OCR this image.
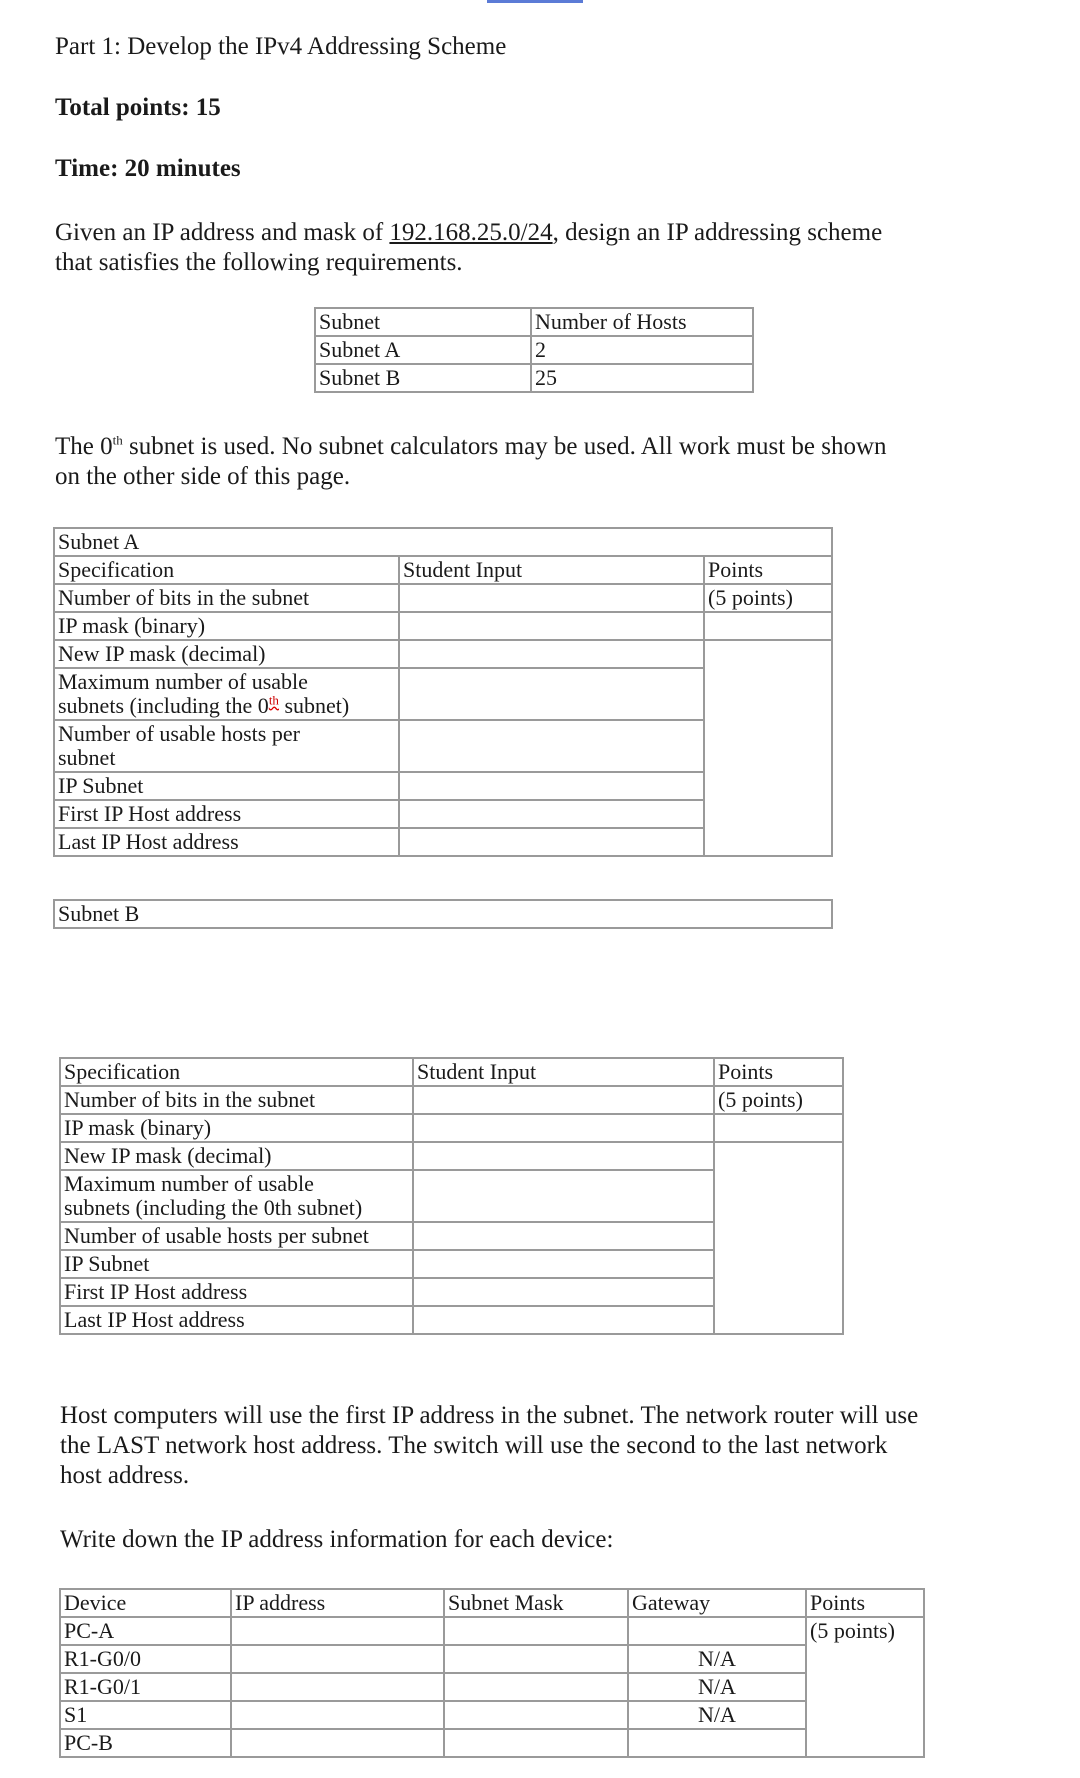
Part 1: Develop the IPv4 Addressing Scheme

Total points: 15

Time: 20 minutes

Given an IP address and mask of 192.168.25.0/24, design an IP addressing scheme
that satisfies the following requirements.

Subnet	Number of Hosts
Subnet A	2
Subnet B	25

The 0th subnet is used. No subnet calculators may be used. All work must be shown
on the other side of this page.

Subnet A		
Specification	Student Input	Points
Number of bits in the subnet		(5 points)
IP mask (binary)		
New IP mask (decimal)		
Maximum number of usable
subnets (including the 0th subnet)		
Number of usable hosts per
subnet		
IP Subnet		
First IP Host address		
Last IP Host address		
Subnet B
Specification	Student Input	Points
Number of bits in the subnet		(5 points)
IP mask (binary)		
New IP mask (decimal)		
Maximum number of usable
subnets (including the 0th subnet)		
Number of usable hosts per subnet		
IP Subnet		
First IP Host address		
Last IP Host address		

Host computers will use the first IP address in the subnet. The network router will use
the LAST network host address. The switch will use the second to the last network
host address.

Write down the IP address information for each device:

Device	IP address	Subnet Mask	Gateway	Points
PC-A				(5 points)
R1-G0/0			N/A	
R1-G0/1			N/A	
S1			N/A	
PC-B				
